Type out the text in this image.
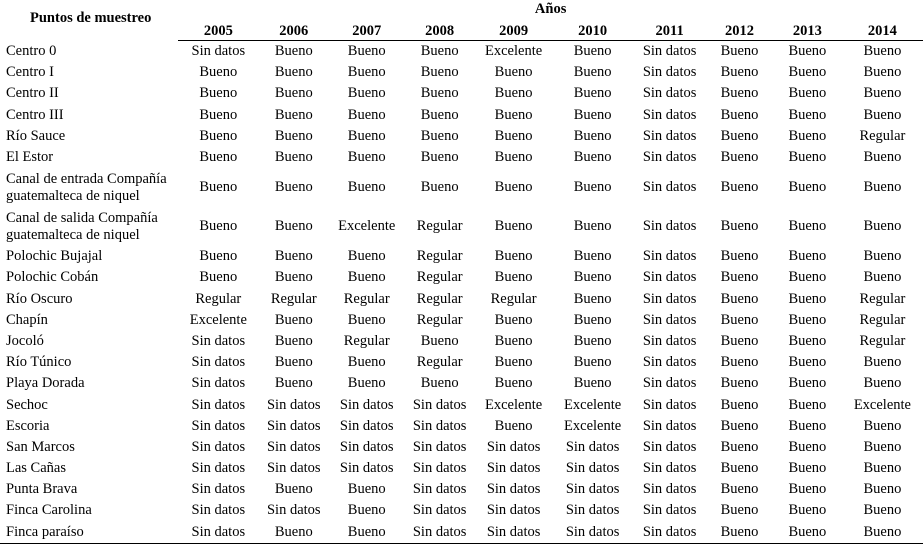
Puntos de muestreo	Años									
	2005	2006	2007	2008	2009	2010	2011	2012	2013	2014
Centro 0	Sin datos	Bueno	Bueno	Bueno	Excelente	Bueno	Sin datos	Bueno	Bueno	Bueno
Centro I	Bueno	Bueno	Bueno	Bueno	Bueno	Bueno	Sin datos	Bueno	Bueno	Bueno
Centro II	Bueno	Bueno	Bueno	Bueno	Bueno	Bueno	Sin datos	Bueno	Bueno	Bueno
Centro III	Bueno	Bueno	Bueno	Bueno	Bueno	Bueno	Sin datos	Bueno	Bueno	Bueno
Río Sauce	Bueno	Bueno	Bueno	Bueno	Bueno	Bueno	Sin datos	Bueno	Bueno	Regular
El Estor	Bueno	Bueno	Bueno	Bueno	Bueno	Bueno	Sin datos	Bueno	Bueno	Bueno
Canal de entrada Compañía guatemalteca de niquel	Bueno	Bueno	Bueno	Bueno	Bueno	Bueno	Sin datos	Bueno	Bueno	Bueno
Canal de salida Compañía guatemalteca de niquel	Bueno	Bueno	Excelente	Regular	Bueno	Bueno	Sin datos	Bueno	Bueno	Bueno
Polochic Bujajal	Bueno	Bueno	Bueno	Regular	Bueno	Bueno	Sin datos	Bueno	Bueno	Bueno
Polochic Cobán	Bueno	Bueno	Bueno	Regular	Bueno	Bueno	Sin datos	Bueno	Bueno	Bueno
Río Oscuro	Regular	Regular	Regular	Regular	Regular	Bueno	Sin datos	Bueno	Bueno	Regular
Chapín	Excelente	Bueno	Bueno	Regular	Bueno	Bueno	Sin datos	Bueno	Bueno	Regular
Jocoló	Sin datos	Bueno	Regular	Bueno	Bueno	Bueno	Sin datos	Bueno	Bueno	Regular
Río Túnico	Sin datos	Bueno	Bueno	Regular	Bueno	Bueno	Sin datos	Bueno	Bueno	Bueno
Playa Dorada	Sin datos	Bueno	Bueno	Bueno	Bueno	Bueno	Sin datos	Bueno	Bueno	Bueno
Sechoc	Sin datos	Sin datos	Sin datos	Sin datos	Excelente	Excelente	Sin datos	Bueno	Bueno	Excelente
Escoria	Sin datos	Sin datos	Sin datos	Sin datos	Bueno	Excelente	Sin datos	Bueno	Bueno	Bueno
San Marcos	Sin datos	Sin datos	Sin datos	Sin datos	Sin datos	Sin datos	Sin datos	Bueno	Bueno	Bueno
Las Cañas	Sin datos	Sin datos	Sin datos	Sin datos	Sin datos	Sin datos	Sin datos	Bueno	Bueno	Bueno
Punta Brava	Sin datos	Bueno	Bueno	Sin datos	Sin datos	Sin datos	Sin datos	Bueno	Bueno	Bueno
Finca Carolina	Sin datos	Sin datos	Bueno	Sin datos	Sin datos	Sin datos	Sin datos	Bueno	Bueno	Bueno
Finca paraíso	Sin datos	Bueno	Bueno	Sin datos	Sin datos	Sin datos	Sin datos	Bueno	Bueno	Bueno
